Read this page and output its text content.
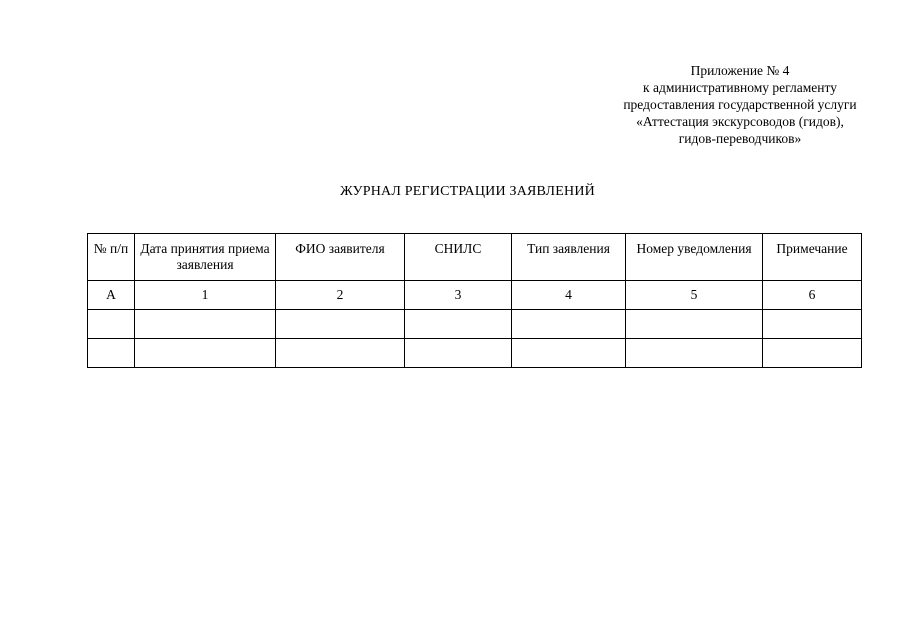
Приложение № 4
к административному регламенту
предоставления государственной услуги
«Аттестация экскурсоводов (гидов),
гидов-переводчиков»
ЖУРНАЛ РЕГИСТРАЦИИ ЗАЯВЛЕНИЙ
№ п/п	Дата принятия приема заявления	ФИО заявителя	СНИЛС	Тип заявления	Номер уведомления	Примечание
А	1	2	3	4	5	6
